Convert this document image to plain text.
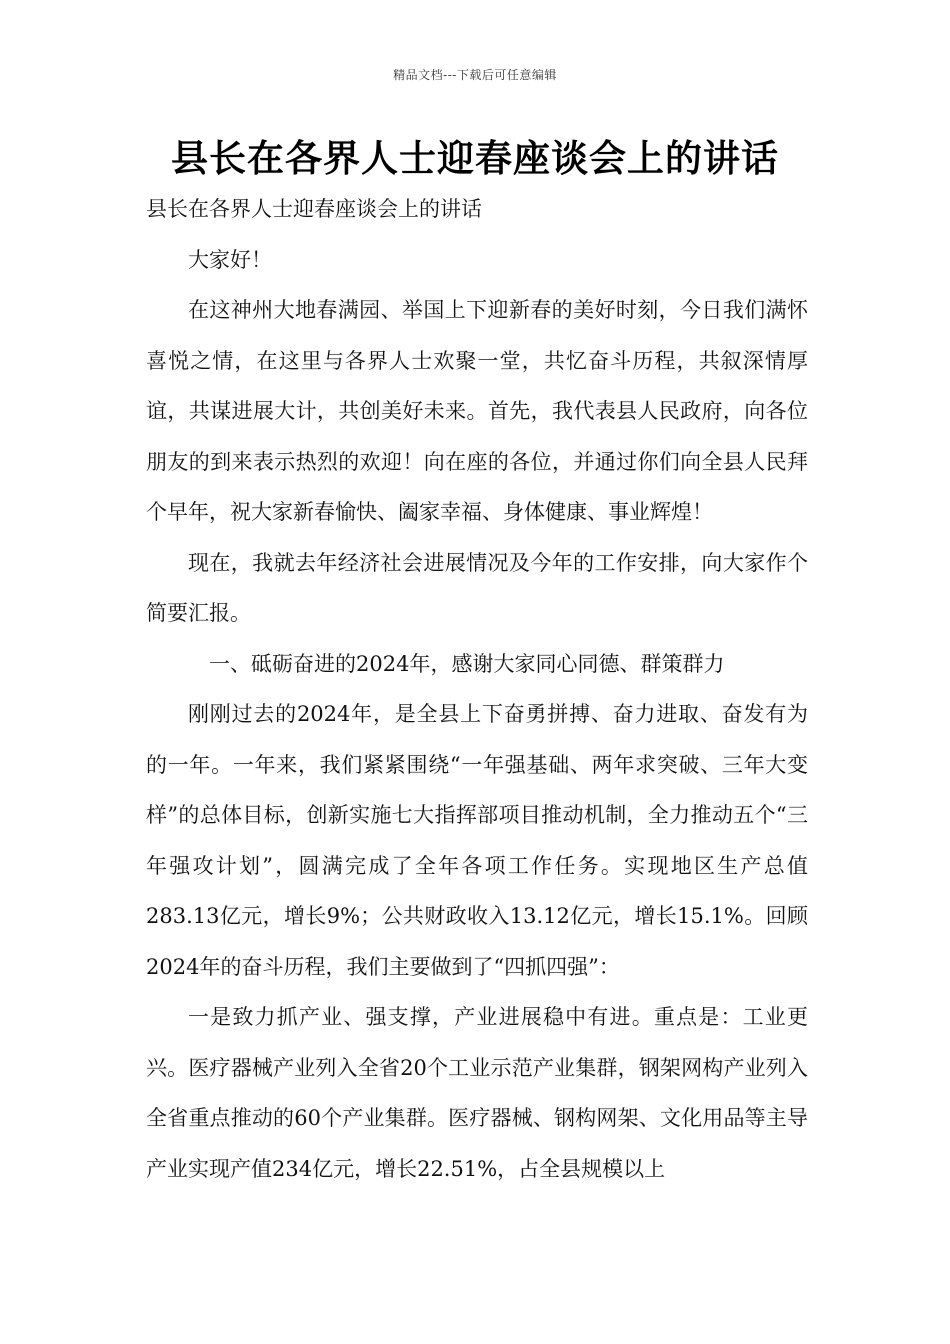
精品文档---下载后可任意编辑
县长在各界人士迎春座谈会上的讲话

县长在各界人士迎春座谈会上的讲话

大家好！

在这神州大地春满园、举国上下迎新春的美好时刻，今日我们满怀喜悦之情，在这里与各界人士欢聚一堂，共忆奋斗历程，共叙深情厚谊，共谋进展大计，共创美好未来。首先，我代表县人民政府，向各位朋友的到来表示热烈的欢迎！向在座的各位，并通过你们向全县人民拜个早年，祝大家新春愉快、阖家幸福、身体健康、事业辉煌！

现在，我就去年经济社会进展情况及今年的工作安排，向大家作个简要汇报。

一、砥砺奋进的2024年，感谢大家同心同德、群策群力

刚刚过去的2024年，是全县上下奋勇拼搏、奋力进取、奋发有为的一年。一年来，我们紧紧围绕“一年强基础、两年求突破、三年大变样”的总体目标，创新实施七大指挥部项目推动机制，全力推动五个“三年强攻计划”，圆满完成了全年各项工作任务。实现地区生产总值283.13亿元，增长9%；公共财政收入13.12亿元，增长15.1%。回顾2024年的奋斗历程，我们主要做到了“四抓四强”：

一是致力抓产业、强支撑，产业进展稳中有进。重点是：工业更兴。医疗器械产业列入全省20个工业示范产业集群，钢架网构产业列入全省重点推动的60个产业集群。医疗器械、钢构网架、文化用品等主导产业实现产值234亿元，增长22.51%，占全县规模以上
